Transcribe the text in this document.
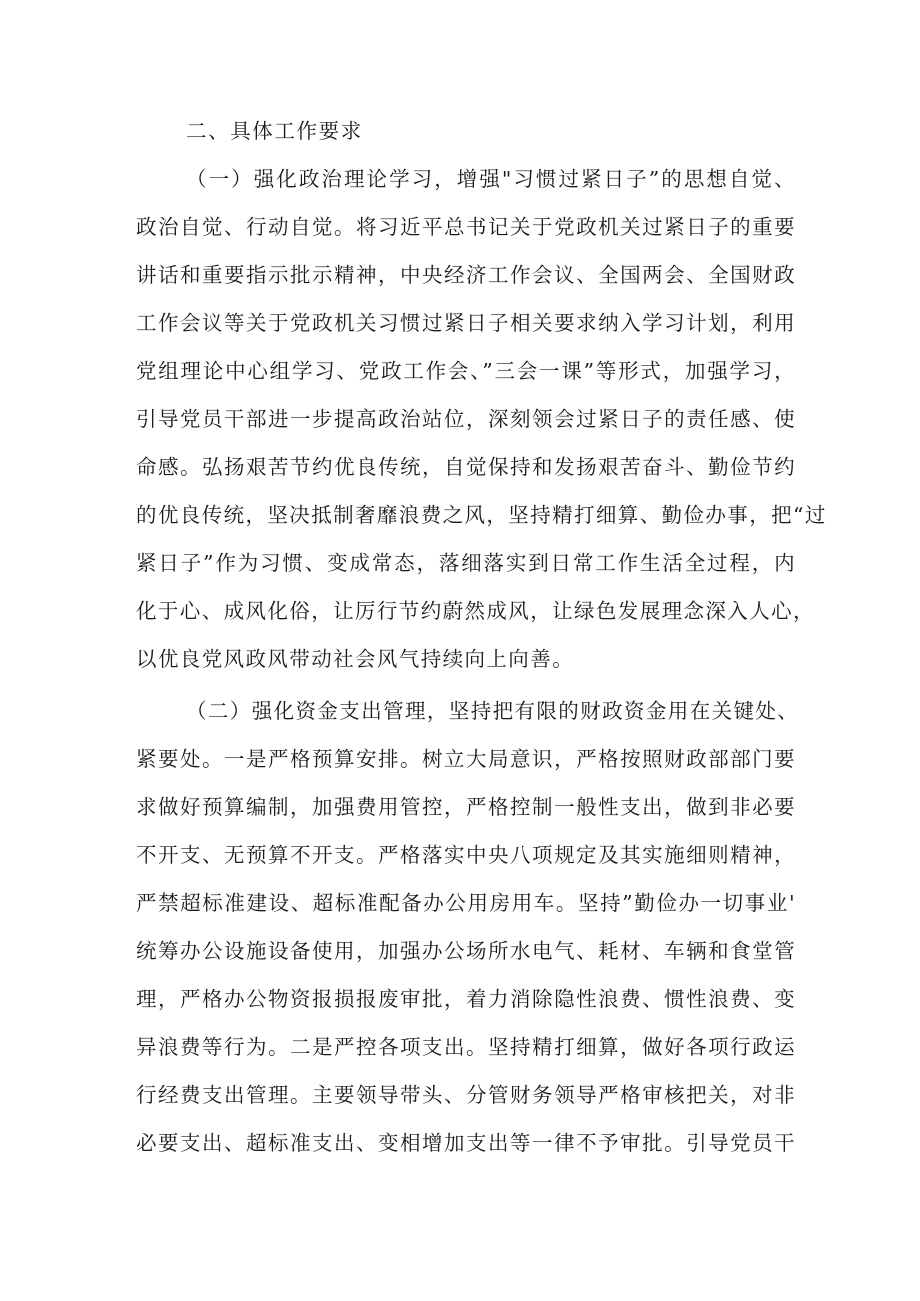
二、具体工作要求
（一）强化政治理论学习，增强"习惯过紧日子”的思想自觉、
政治自觉、行动自觉。将习近平总书记关于党政机关过紧日子的重要
讲话和重要指示批示精神，中央经济工作会议、全国两会、全国财政
工作会议等关于党政机关习惯过紧日子相关要求纳入学习计划，利用
党组理论中心组学习、党政工作会、”三会一课”等形式，加强学习，
引导党员干部进一步提高政治站位，深刻领会过紧日子的责任感、使
命感。弘扬艰苦节约优良传统，自觉保持和发扬艰苦奋斗、勤俭节约
的优良传统，坚决抵制奢靡浪费之风，坚持精打细算、勤俭办事，把“过
紧日子”作为习惯、变成常态，落细落实到日常工作生活全过程，内
化于心、成风化俗，让厉行节约蔚然成风，让绿色发展理念深入人心，
以优良党风政风带动社会风气持续向上向善。
（二）强化资金支出管理，坚持把有限的财政资金用在关键处、
紧要处。一是严格预算安排。树立大局意识，严格按照财政部部门要
求做好预算编制，加强费用管控，严格控制一般性支出，做到非必要
不开支、无预算不开支。严格落实中央八项规定及其实施细则精神，
严禁超标准建设、超标准配备办公用房用车。坚持”勤俭办一切事业'
统筹办公设施设备使用，加强办公场所水电气、耗材、车辆和食堂管
理，严格办公物资报损报废审批，着力消除隐性浪费、惯性浪费、变
异浪费等行为。二是严控各项支出。坚持精打细算，做好各项行政运
行经费支出管理。主要领导带头、分管财务领导严格审核把关，对非
必要支出、超标准支出、变相增加支出等一律不予审批。引导党员干
